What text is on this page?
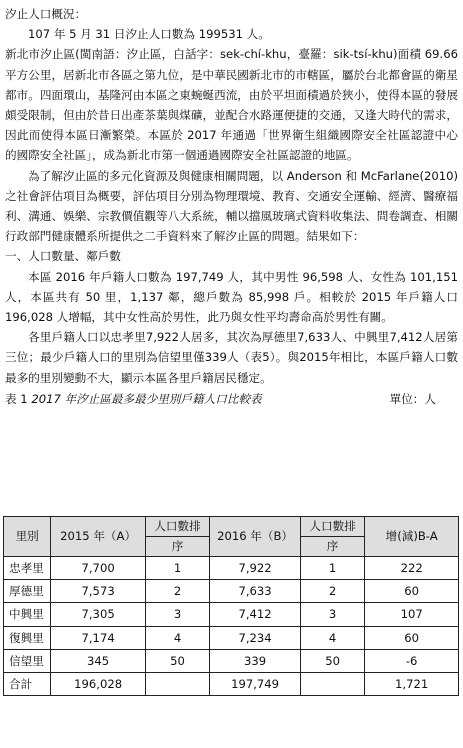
汐止人口概況：

107 年 5 月 31 日汐止人口數為 199531 人。

新北市汐止區(閩南語：汐止區，白話字：sek-chí-khu，臺羅：sik-tsí-khu)面積 69.66 平方公里，居新北市各區之第九位，是中華民國新北市的市轄區，屬於台北都會區的衛星都市。四面環山，基隆河由本區之東蜿蜒西流，由於平坦面積過於狹小，使得本區的發展頗受限制，但由於昔日出產茶葉與煤礦，並配合水路運便捷的交通，又逢大時代的需求，因此而使得本區日漸繁榮。本區於 2017 年通過「世界衛生組織國際安全社區認證中心的國際安全社區」，成為新北市第一個通過國際安全社區認證的地區。

為了解汐止區的多元化資源及與健康相關問題，以 Anderson 和 McFarlane(2010)之社會評估項目為概要，評估項目分別為物理環境、教育、交通安全運輸、經濟、醫療福利、溝通、娛樂、宗教價值觀等八大系統，輔以擋風玻璃式資料收集法、問卷調查、相關行政部門健康體系所提供之二手資料來了解汐止區的問題。結果如下：

一、人口數量、鄰戶數

本區 2016 年戶籍人口數為 197,749 人，其中男性 96,598 人、女性為 101,151 人，本區共有 50 里，1,137 鄰，總戶數為 85,998 戶。相較於 2015 年戶籍人口 196,028 人增幅，其中女性高於男性，此乃與女性平均壽命高於男性有關。

各里戶籍人口以忠孝里7,922人居多，其次為厚德里7,633人、中興里7,412人居第三位；最少戶籍人口的里別為信望里僅339人（表5）。與2015年相比，本區戶籍人口數最多的里別變動不大，顯示本區各里戶籍居民穩定。

表 1 2017 年汐止區最多最少里別戶籍人口比較表	單位：人
里別	2015 年（A）	人口數排	2016 年（B）	人口數排	增(減)B-A
		序		序	
忠孝里	7,700	1	7,922	1	222
厚德里	7,573	2	7,633	2	60
中興里	7,305	3	7,412	3	107
復興里	7,174	4	7,234	4	60
信望里	345	50	339	50	-6
合計	196,028		197,749		1,721
